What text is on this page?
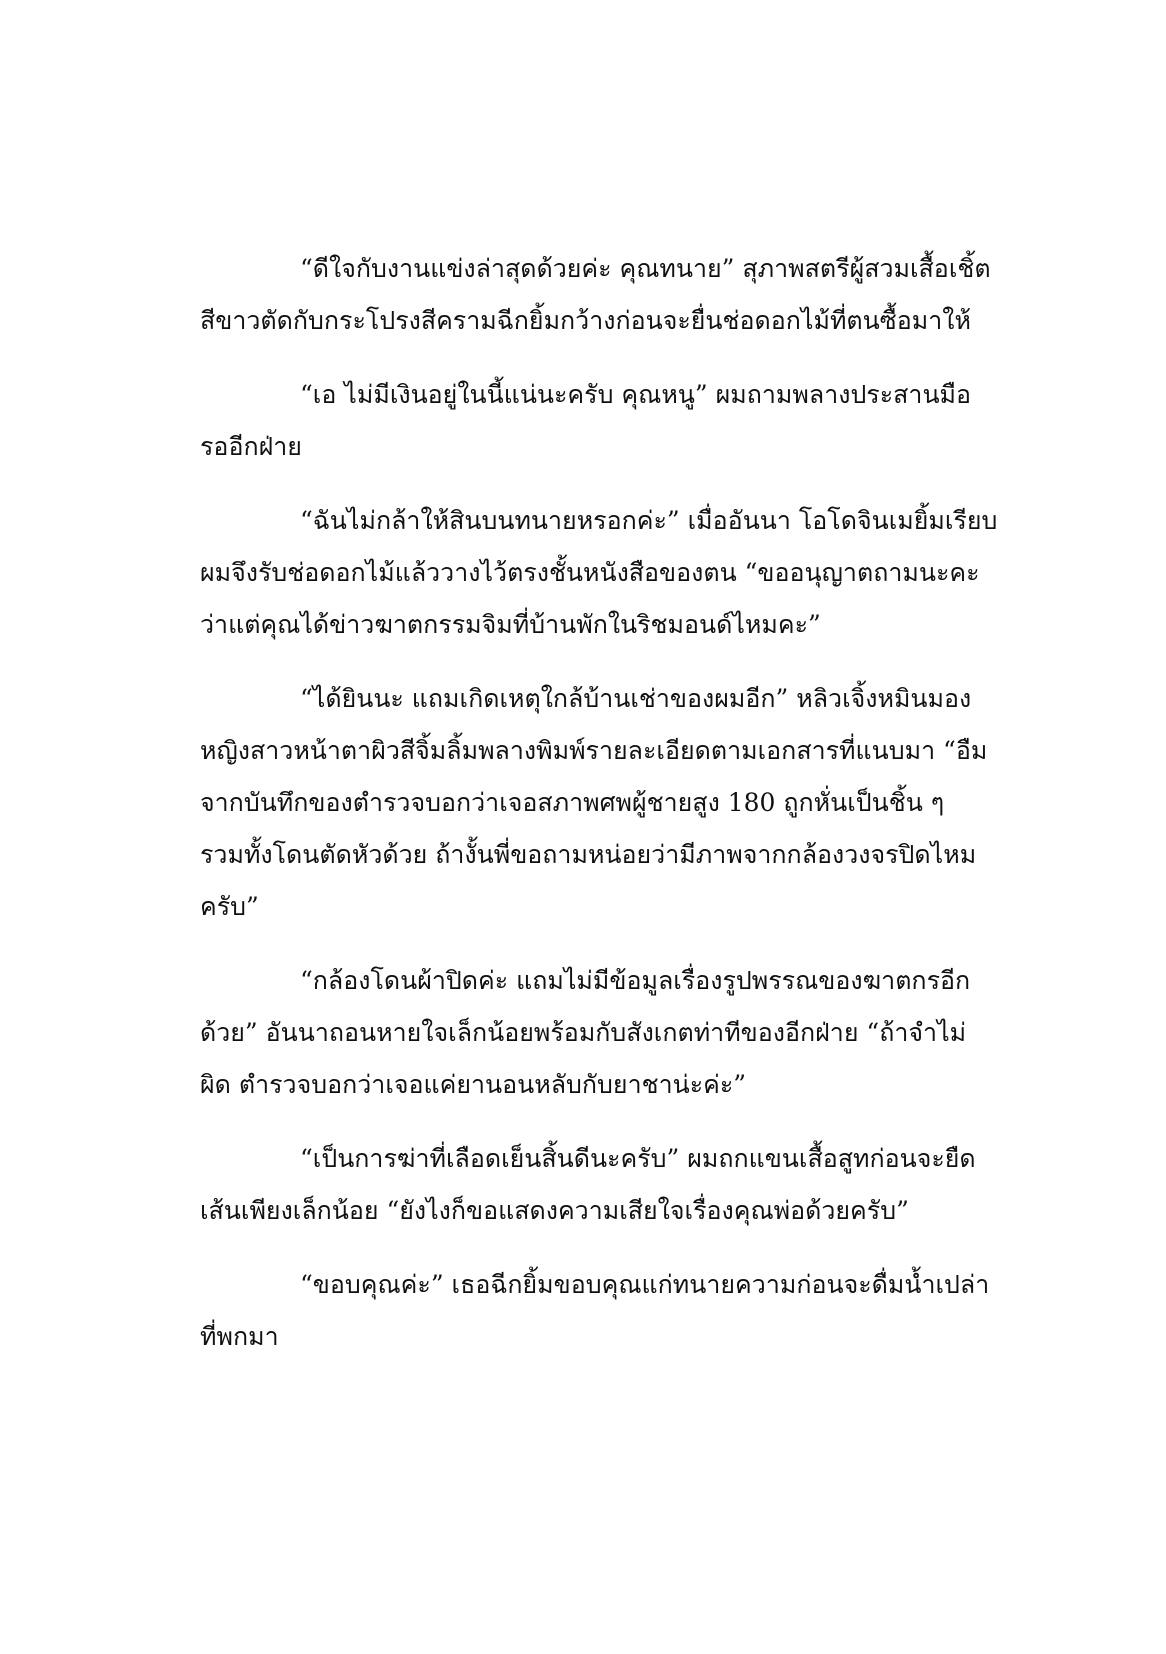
“ดีใจกับงานแข่งล่าสุดด้วยค่ะ คุณทนาย” สุภาพสตรีผู้สวมเสื้อเชิ้ต
สีขาวตัดกับกระโปรงสีครามฉีกยิ้มกว้างก่อนจะยื่นช่อดอกไม้ที่ตนซื้อมาให้

“เอ ไม่มีเงินอยู่ในนี้แน่นะครับ คุณหนู” ผมถามพลางประสานมือ
รออีกฝ่าย

“ฉันไม่กล้าให้สินบนทนายหรอกค่ะ” เมื่ออันนา โอโดจินเมยิ้มเรียบ
ผมจึงรับช่อดอกไม้แล้ววางไว้ตรงชั้นหนังสือของตน “ขออนุญาตถามนะคะ
ว่าแต่คุณได้ข่าวฆาตกรรมจิมที่บ้านพักในริชมอนด์ไหมคะ”

“ได้ยินนะ แถมเกิดเหตุใกล้บ้านเช่าของผมอีก” หลิวเจิ้งหมินมอง
หญิงสาวหน้าตาผิวสีจิ้มลิ้มพลางพิมพ์รายละเอียดตามเอกสารที่แนบมา “อืม
จากบันทึกของตำรวจบอกว่าเจอสภาพศพผู้ชายสูง 180 ถูกหั่นเป็นชิ้น ๆ
รวมทั้งโดนตัดหัวด้วย ถ้างั้นพี่ขอถามหน่อยว่ามีภาพจากกล้องวงจรปิดไหม
ครับ”

“กล้องโดนผ้าปิดค่ะ แถมไม่มีข้อมูลเรื่องรูปพรรณของฆาตกรอีก
ด้วย” อันนาถอนหายใจเล็กน้อยพร้อมกับสังเกตท่าทีของอีกฝ่าย “ถ้าจำไม่
ผิด ตำรวจบอกว่าเจอแค่ยานอนหลับกับยาชาน่ะค่ะ”

“เป็นการฆ่าที่เลือดเย็นสิ้นดีนะครับ” ผมถกแขนเสื้อสูทก่อนจะยืด
เส้นเพียงเล็กน้อย “ยังไงก็ขอแสดงความเสียใจเรื่องคุณพ่อด้วยครับ”

“ขอบคุณค่ะ” เธอฉีกยิ้มขอบคุณแก่ทนายความก่อนจะดื่มน้ำเปล่า
ที่พกมา
